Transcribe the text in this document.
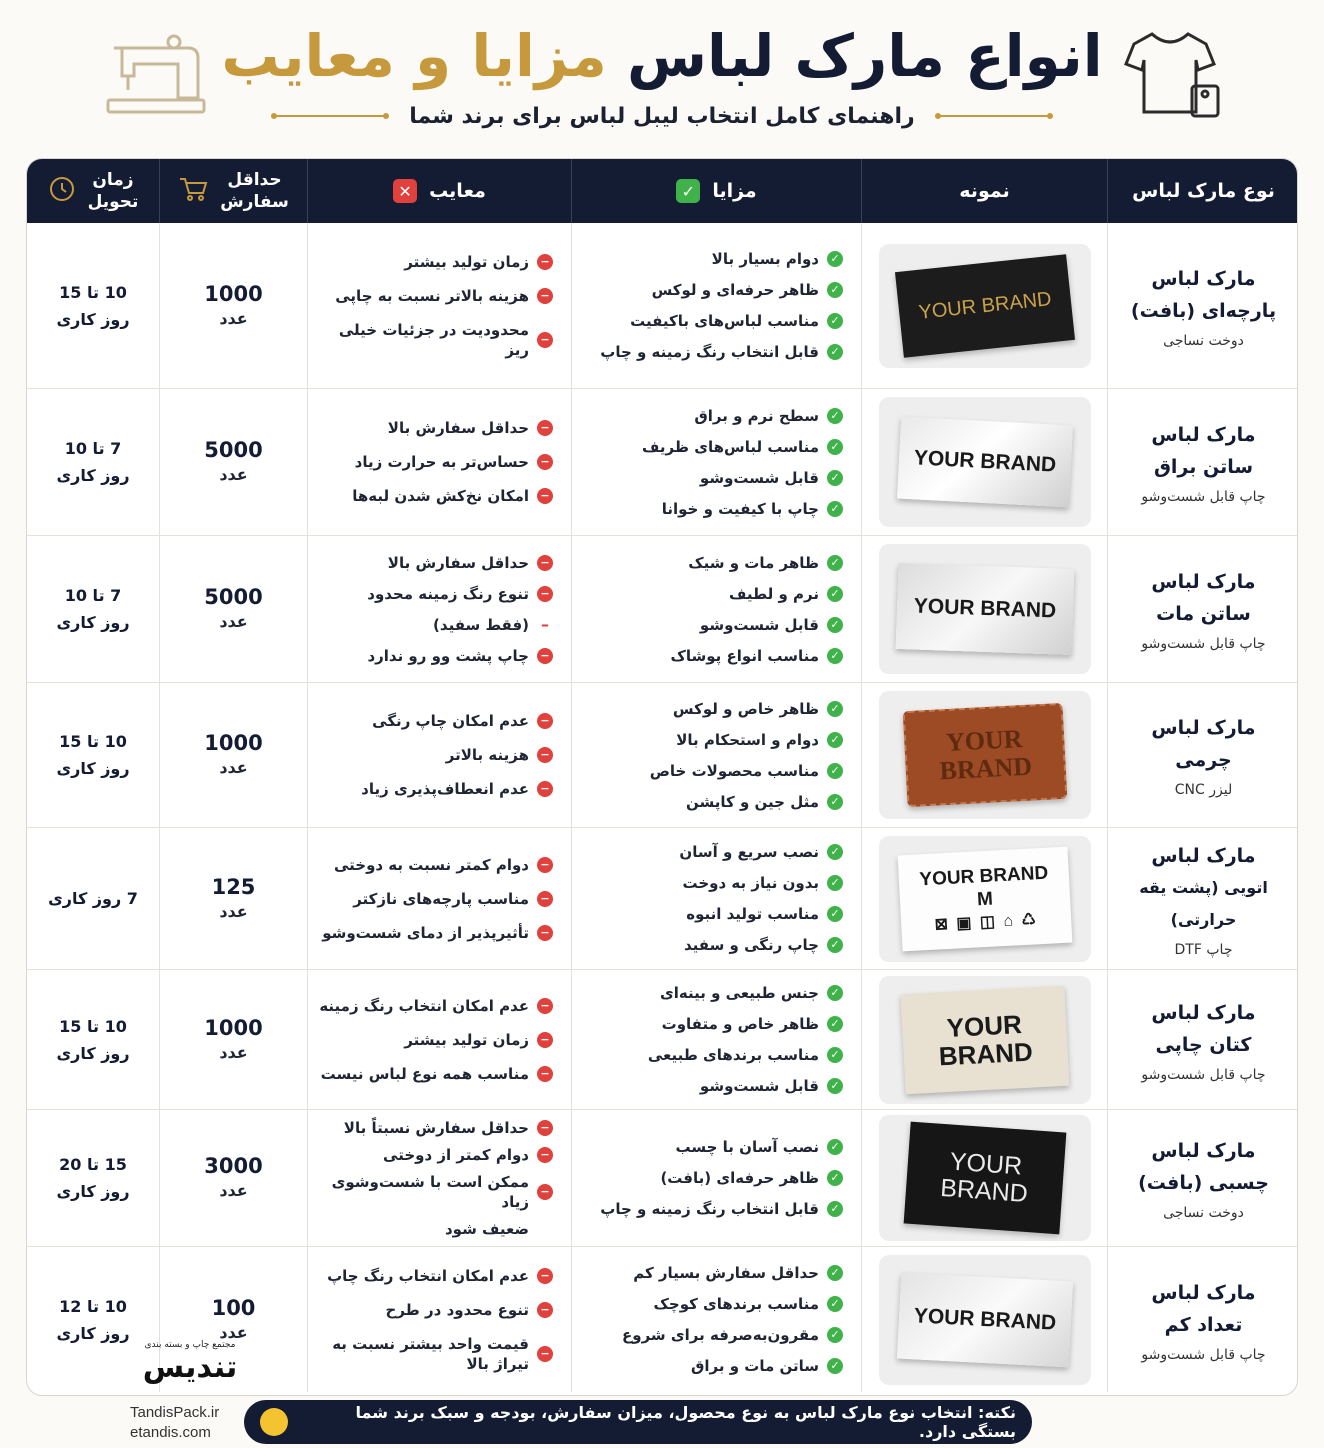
انواع مارک لباس مزایا و معایب
راهنمای کامل انتخاب لیبل لباس برای برند شما
نوع مارک لباس
نمونه
مزایا
✓
معایب
✕
حداقل
سفارش
زمان
تحویل
مارک لباس
پارچه‌ای (بافت)
دوخت نساجی
YOUR BRAND
✓
دوام بسیار بالا
✓
ظاهر حرفه‌ای و لوکس
✓
مناسب لباس‌های باکیفیت
✓
قابل انتخاب رنگ زمینه و چاپ
−
زمان تولید بیشتر
−
هزینه بالاتر نسبت به چاپی
−
محدودیت در جزئیات خیلی ریز
1000
عدد
10 تا 15
روز کاری
مارک لباس
ساتن براق
چاپ قابل شست‌وشو
YOUR BRAND
✓
سطح نرم و براق
✓
مناسب لباس‌های ظریف
✓
قابل شست‌وشو
✓
چاپ با کیفیت و خوانا
−
حداقل سفارش بالا
−
حساس‌تر به حرارت زیاد
−
امکان نخ‌کش شدن لبه‌ها
5000
عدد
7 تا 10
روز کاری
مارک لباس
ساتن مات
چاپ قابل شست‌وشو
YOUR BRAND
✓
ظاهر مات و شیک
✓
نرم و لطیف
✓
قابل شست‌وشو
✓
مناسب انواع پوشاک
−
حداقل سفارش بالا
−
تنوع رنگ زمینه محدود
–
(فقط سفید)
−
چاپ پشت وو رو ندارد
5000
عدد
7 تا 10
روز کاری
مارک لباس
چرمی
لیزر CNC
YOUR
BRAND
✓
ظاهر خاص و لوکس
✓
دوام و استحکام بالا
✓
مناسب محصولات خاص
✓
مثل جین و کاپشن
−
عدم امکان چاپ رنگی
−
هزینه بالاتر
−
عدم انعطاف‌پذیری زیاد
1000
عدد
10 تا 15
روز کاری
مارک لباس
اتویی (پشت یقه حرارتی)
چاپ DTF
YOUR BRAND
M
♺ ⌂ ◫ ▣ ⊠
✓
نصب سریع و آسان
✓
بدون نیاز به دوخت
✓
مناسب تولید انبوه
✓
چاپ رنگی و سفید
−
دوام کمتر نسبت به دوختی
−
مناسب پارچه‌های نازکتر
−
تأثیرپذیر از دمای شست‌وشو
125
عدد
7 روز کاری
مارک لباس
کتان چاپی
چاپ قابل شست‌وشو
YOUR
BRAND
✓
جنس طبیعی و بینه‌ای
✓
ظاهر خاص و متفاوت
✓
مناسب برندهای طبیعی
✓
قابل شست‌وشو
−
عدم امکان انتخاب رنگ زمینه
−
زمان تولید بیشتر
−
مناسب همه نوع لباس نیست
1000
عدد
10 تا 15
روز کاری
مارک لباس
چسبی (بافت)
دوخت نساجی
YOUR
BRAND
✓
نصب آسان با چسب
✓
ظاهر حرفه‌ای (بافت)
✓
قابل انتخاب رنگ زمینه و چاپ
−
حداقل سفارش نسبتاً بالا
−
دوام کمتر از دوختی
−
ممکن است با شست‌وشوی زیاد
ضعیف شود
3000
عدد
15 تا 20
روز کاری
مارک لباس
تعداد کم
چاپ قابل شست‌وشو
YOUR BRAND
✓
حداقل سفارش بسیار کم
✓
مناسب برندهای کوچک
✓
مقرون‌به‌صرفه برای شروع
✓
ساتن مات و براق
−
عدم امکان انتخاب رنگ چاپ
−
تنوع محدود در طرح
−
قیمت واحد بیشتر نسبت به تیراژ بالا
100
عدد
10 تا 12
روز کاری
مجتمع چاپ و بسته بندی
تندیس
TandisPack.ir
etandis.com
نکته: انتخاب نوع مارک لباس به نوع محصول، میزان سفارش، بودجه و سبک برند شما بستگی دارد.
